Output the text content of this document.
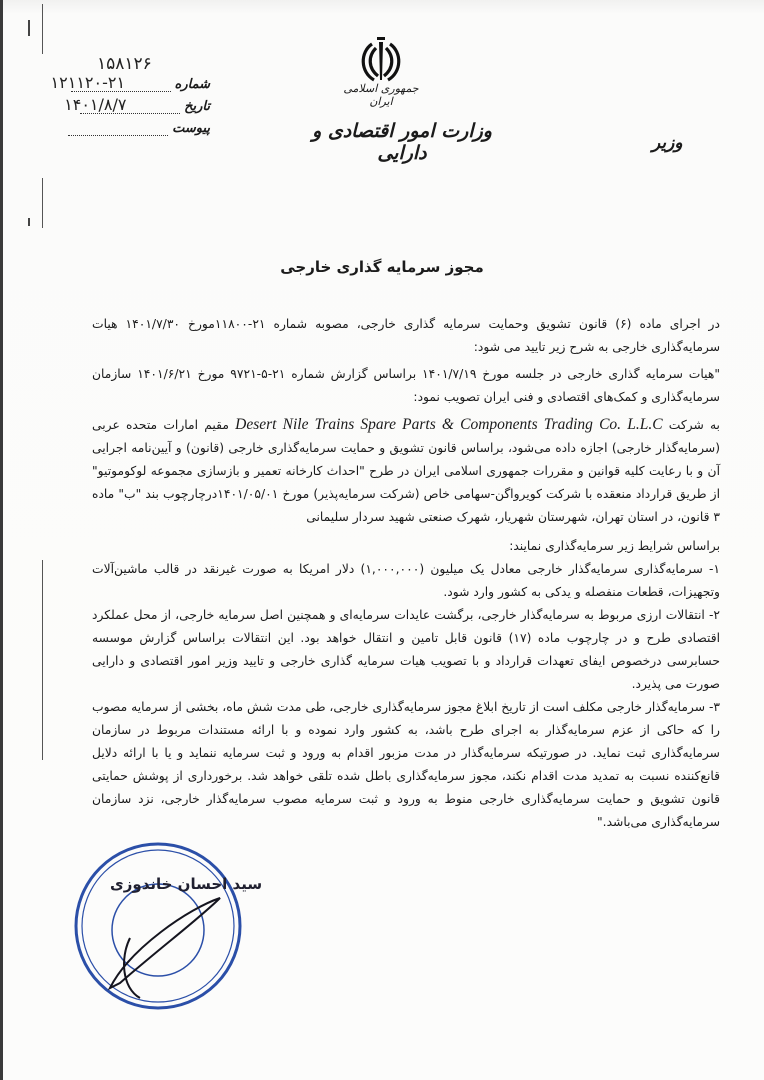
جمهوری اسلامی ایران
وزارت امور اقتصادی و دارایی	وزیر
۱۵۸۱۲۶
شماره
۱۲۱۱۲۰-۲۱
تاریخ
۱۴۰۱/۸/۷
پیوست
مجوز سرمایه گذاری خارجی

در اجرای ماده (۶) قانون تشویق وحمایت سرمایه گذاری خارجی، مصوبه شماره ۲۱-۱۱۸۰۰مورخ ۱۴۰۱/۷/۳۰ هیات سرمایه‌گذاری خارجی به شرح زیر تایید می شود:

"هیات سرمایه گذاری خارجی در جلسه مورخ ۱۴۰۱/۷/۱۹ براساس گزارش شماره ۲۱-۵-۹۷۲۱ مورخ ۱۴۰۱/۶/۲۱ سازمان سرمایه‌گذاری و کمک‌های اقتصادی و فنی ایران تصویب نمود:

به شرکت Desert Nile Trains Spare Parts & Components Trading Co. L.L.C مقیم امارات متحده عربی (سرمایه‌گذار خارجی) اجازه داده می‌شود، براساس قانون تشویق و حمایت سرمایه‌گذاری خارجی (قانون) و آیین‌نامه اجرایی آن و با رعایت کلیه قوانین و مقررات جمهوری اسلامی ایران در طرح "احداث کارخانه تعمیر و بازسازی مجموعه لوکوموتیو" از طریق قرارداد منعقده با شرکت کویرواگن-سهامی خاص (شرکت سرمایه‌پذیر) مورخ ۱۴۰۱/۰۵/۰۱درچارچوب بند "ب" ماده ۳ قانون، در استان تهران، شهرستان شهریار، شهرک صنعتی شهید سردار سلیمانی

براساس شرایط زیر سرمایه‌گذاری نمایند:

۱- سرمایه‌گذاری سرمایه‌گذار خارجی معادل یک میلیون (۱,۰۰۰,۰۰۰) دلار امریکا به صورت غیرنقد در قالب ماشین‌آلات وتجهیزات، قطعات منفصله و یدکی به کشور وارد شود.

۲- انتقالات ارزی مربوط به سرمایه‌گذار خارجی، برگشت عایدات سرمایه‌ای و همچنین اصل سرمایه خارجی، از محل عملکرد اقتصادی طرح و در چارچوب ماده (۱۷) قانون قابل تامین و انتقال خواهد بود. این انتقالات براساس گزارش موسسه حسابرسی درخصوص ایفای تعهدات قرارداد و با تصویب هیات سرمایه گذاری خارجی و تایید وزیر امور اقتصادی و دارایی صورت می پذیرد.

۳- سرمایه‌گذار خارجی مکلف است از تاریخ ابلاغ مجوز سرمایه‌گذاری خارجی، طی مدت شش ماه، بخشی از سرمایه مصوب را که حاکی از عزم سرمایه‌گذار به اجرای طرح باشد، به کشور وارد نموده و با ارائه مستندات مربوط در سازمان سرمایه‌گذاری ثبت نماید. در صورتیکه سرمایه‌گذار در مدت مزبور اقدام به ورود و ثبت سرمایه ننماید و یا با ارائه دلایل قانع‌کننده نسبت به تمدید مدت اقدام نکند، مجوز سرمایه‌گذاری باطل شده تلقی خواهد شد. برخورداری از پوشش حمایتی قانون تشویق و حمایت سرمایه‌گذاری خارجی منوط به ورود و ثبت سرمایه مصوب سرمایه‌گذار خارجی، نزد سازمان سرمایه‌گذاری می‌باشد."

سید احسان خاندوزی
